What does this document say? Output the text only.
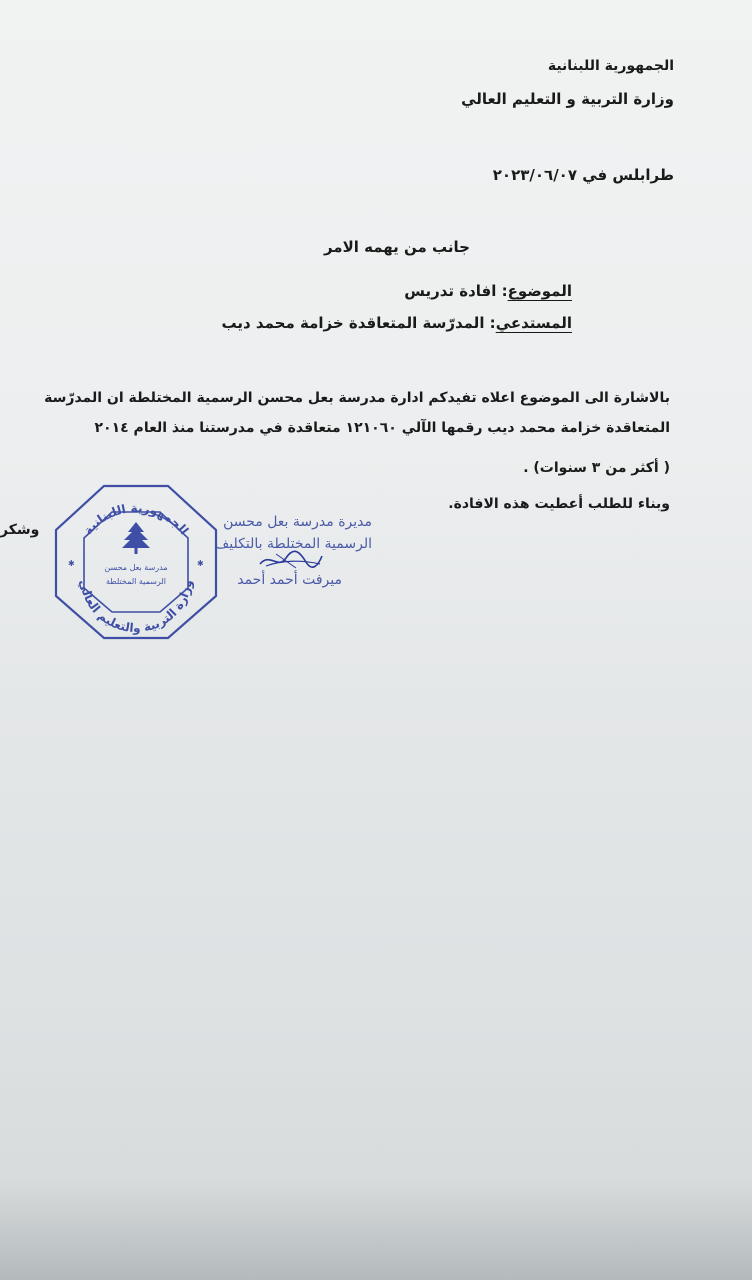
الجمهورية اللبنانية
وزارة التربية و التعليم العالي
طرابلس في ٢٠٢٣/٠٦/٠٧
جانب من يهمه الامر
الموضوع: افادة تدريس
المستدعي: المدرّسة المتعاقدة خزامة محمد ديب
بالاشارة الى الموضوع اعلاه تفيدكم ادارة مدرسة بعل محسن الرسمية المختلطة ان المدرّسة
المتعاقدة خزامة محمد ديب رقمها الآلي ١٢١٠٦٠ متعاقدة في مدرستنا منذ العام ٢٠١٤
( أكثر من ٣ سنوات) .
وبناء للطلب أعطيت هذه الافادة.
وشكر	مديرة مدرسة بعل محسن
الرسمية المختلطة بالتكليف
ميرفت أحمد أحمد
الجمهورية اللبنانية
وزارة التربية والتعليم العالي
✱	✱
مدرسة بعل محسن
الرسمية المختلطة
